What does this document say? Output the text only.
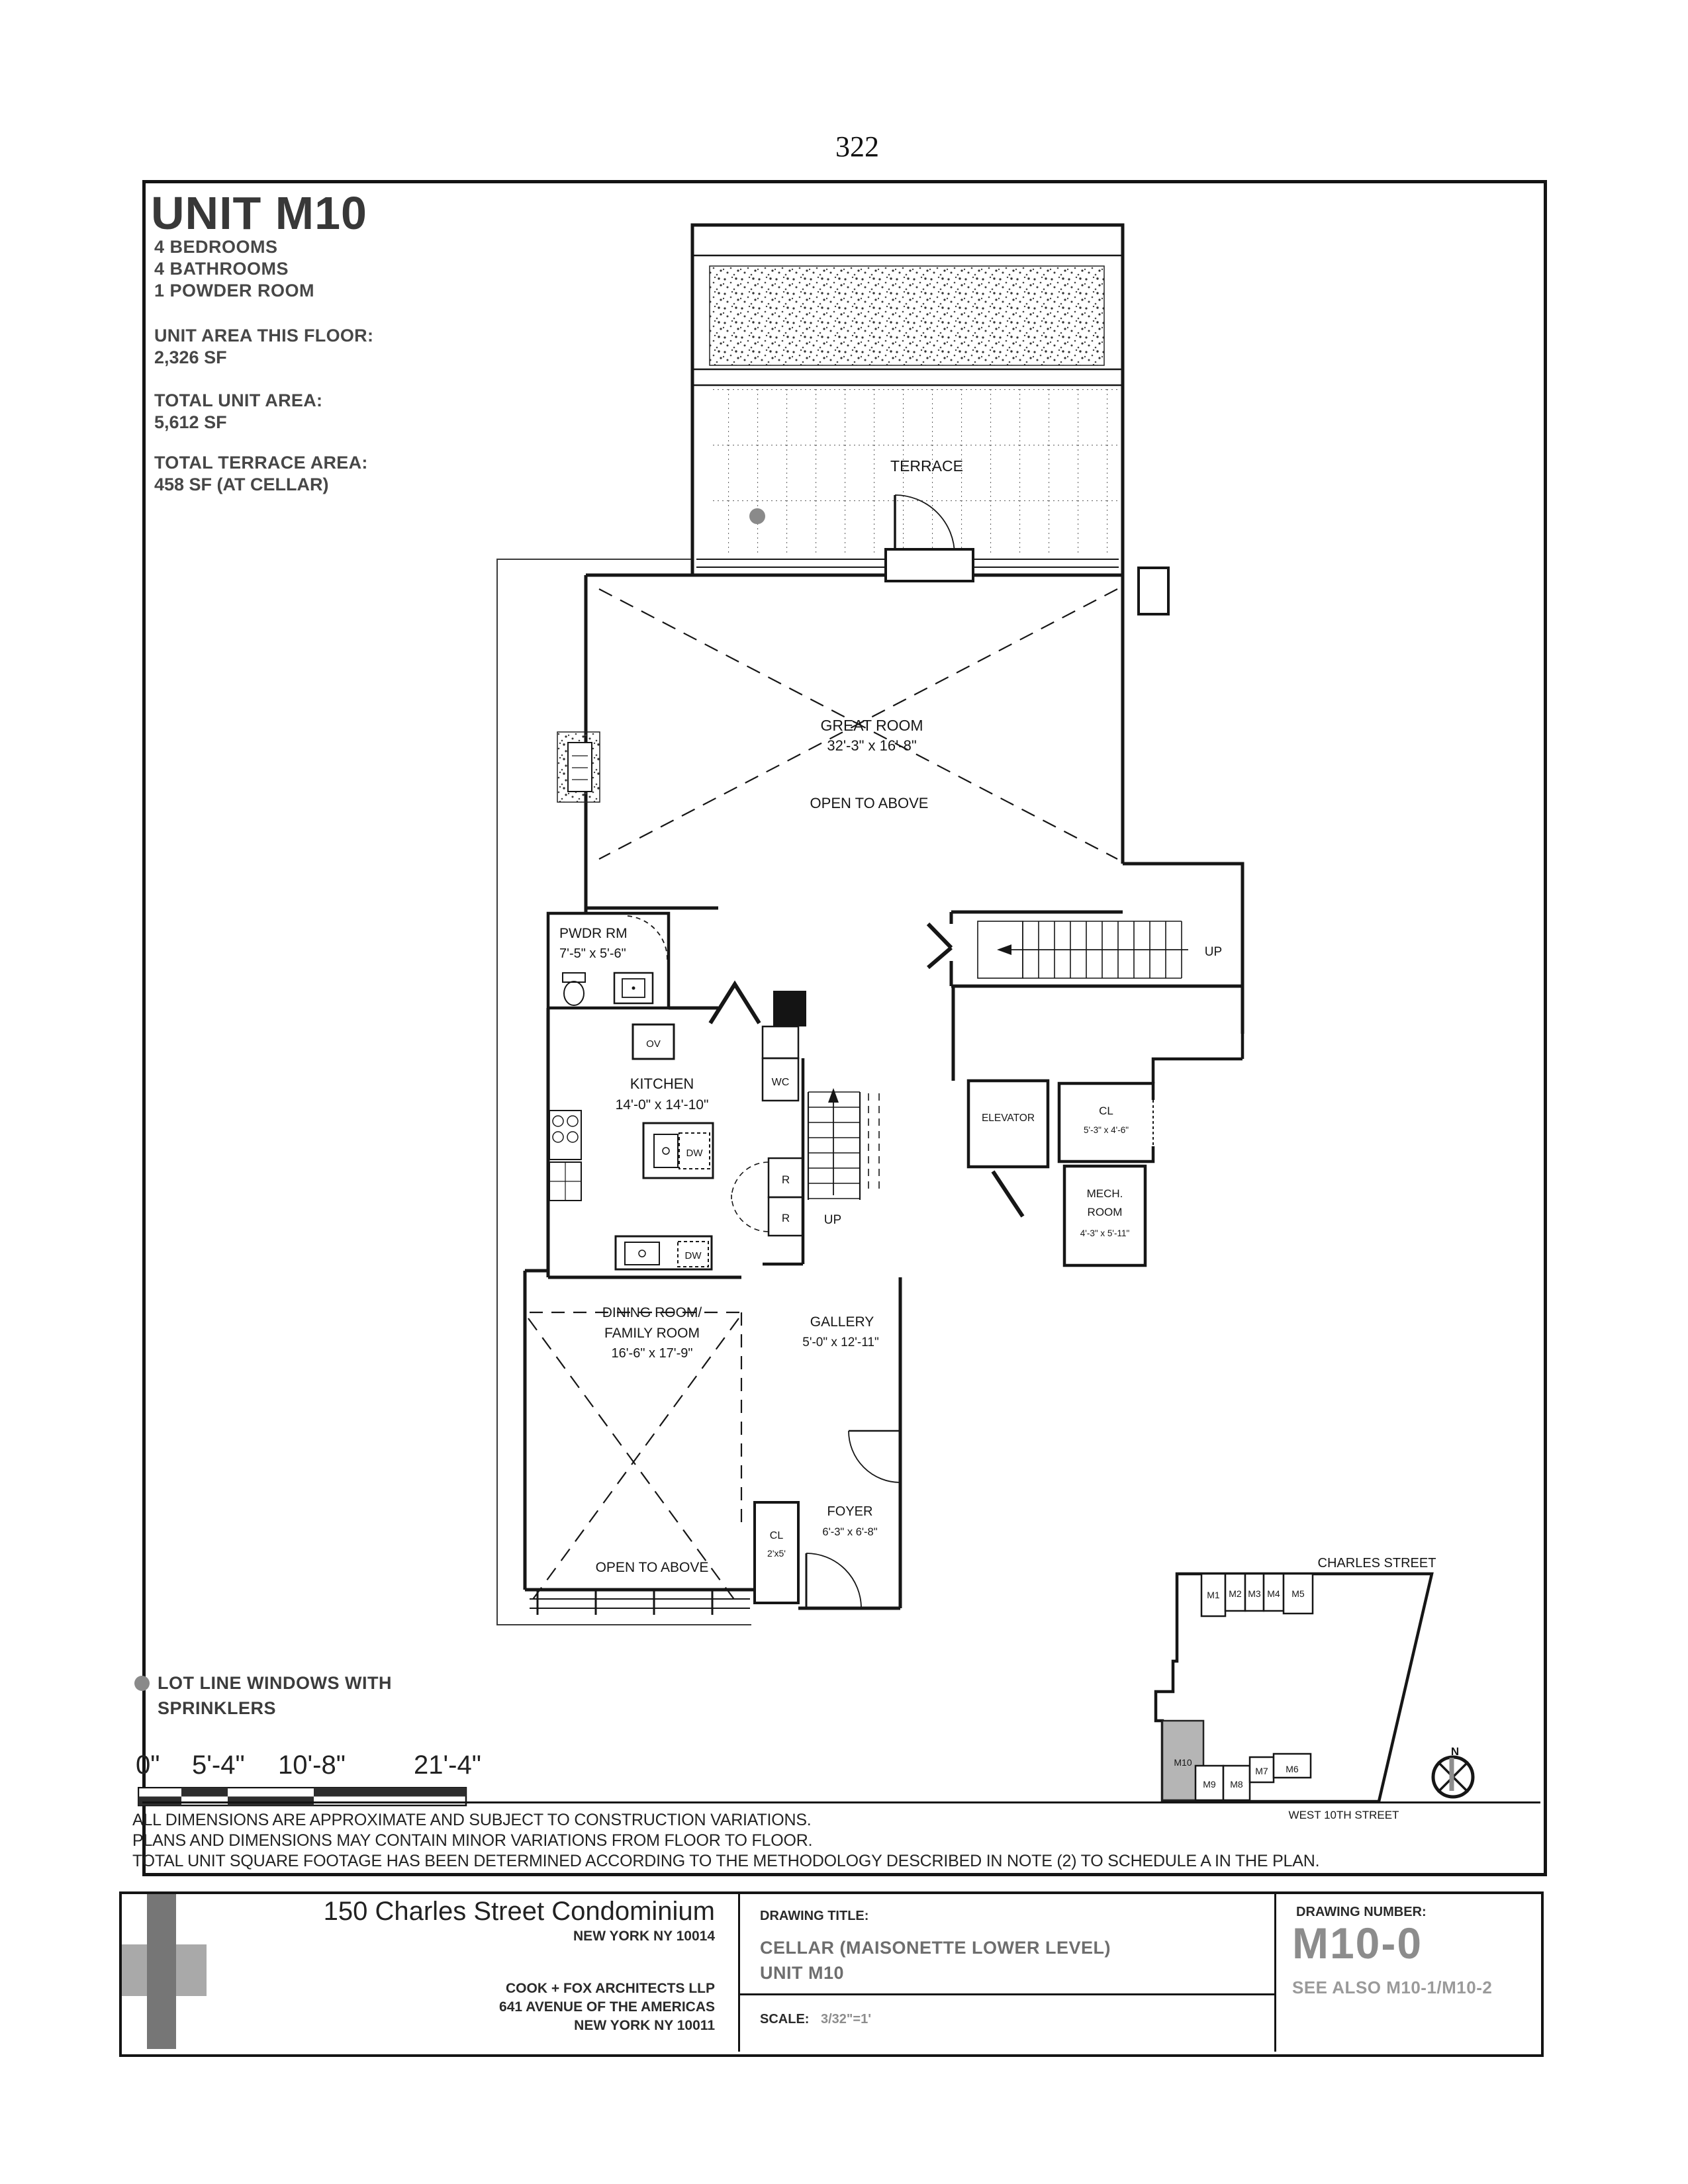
322
UNIT M10
4 BEDROOMS
4 BATHROOMS
1 POWDER ROOM
UNIT AREA THIS FLOOR:
2,326 SF
TOTAL UNIT AREA:
5,612 SF
TOTAL TERRACE AREA:
458 SF (AT CELLAR)
TERRACE
GREAT ROOM
32'-3" x 16'-8"
OPEN TO ABOVE
PWDR RM
7'-5" x 5'-6"
OV
DW
DW
KITCHEN
14'-0" x 14'-10"
WC
R
R	UP
UP
ELEVATOR
CL
5'-3" x 4'-6"
MECH.
ROOM
4'-3" x 5'-11"
DINING ROOM/
FAMILY ROOM
16'-6" x 17'-9"
OPEN TO ABOVE
GALLERY
5'-0" x 12'-11"
CL
2'x5'
FOYER
6'-3" x 6'-8"
LOT LINE WINDOWS WITH
SPRINKLERS
0" 5'-4" 10'-8"	21'-4"
ALL DIMENSIONS ARE APPROXIMATE AND SUBJECT TO CONSTRUCTION VARIATIONS.
PLANS AND DIMENSIONS MAY CONTAIN MINOR VARIATIONS FROM FLOOR TO FLOOR.
TOTAL UNIT SQUARE FOOTAGE HAS BEEN DETERMINED ACCORDING TO THE METHODOLOGY DESCRIBED IN NOTE (2) TO SCHEDULE A IN THE PLAN.
CHARLES STREET
M10
M1 M2 M3 M4 M5
M9 M8
M7 M6
WEST 10TH STREET
N
150 Charles Street Condominium
NEW YORK NY 10014
COOK + FOX ARCHITECTS LLP
641 AVENUE OF THE AMERICAS
NEW YORK NY 10011
DRAWING TITLE:
CELLAR (MAISONETTE LOWER LEVEL)
UNIT M10
SCALE: 3/32"=1'
DRAWING NUMBER:
M10-0
SEE ALSO M10-1/M10-2
